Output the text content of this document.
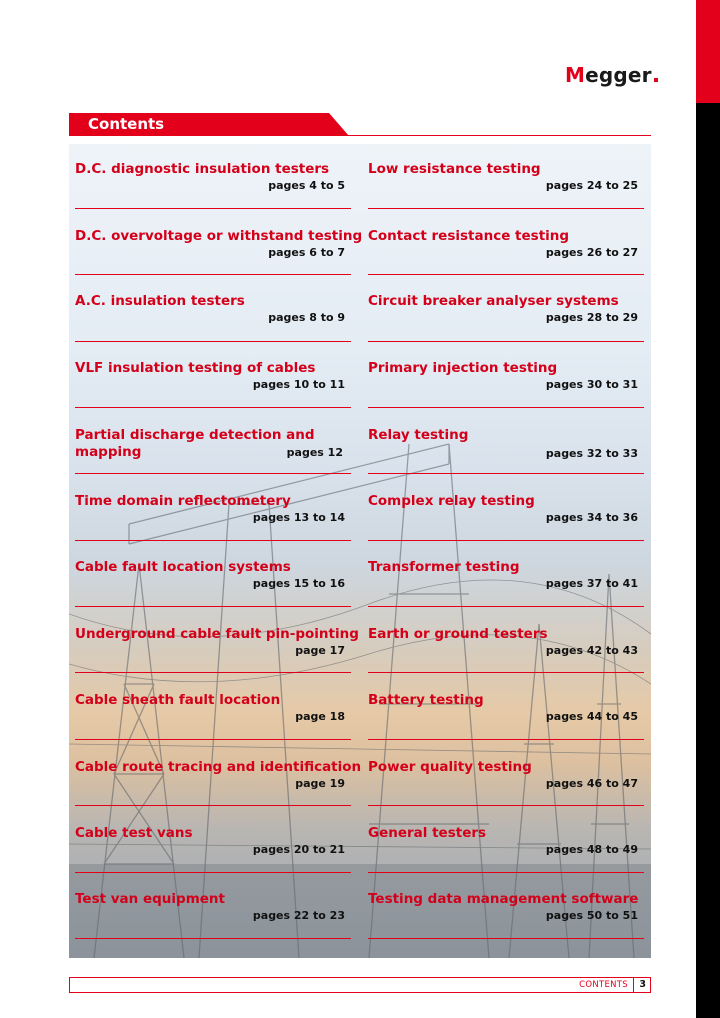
Megger
Contents
D.C. diagnostic insulation testers
pages 4 to 5
D.C. overvoltage or withstand testing
pages 6 to 7
A.C. insulation testers
pages 8 to 9
VLF insulation testing of cables
pages 10 to 11
Partial discharge detection and
mapping	pages 12
Time domain reflectometery
pages 13 to 14
Cable fault location systems
pages 15 to 16
Underground cable fault pin-pointing
page 17
Cable sheath fault location
page 18
Cable route tracing and identification
page 19
Cable test vans
pages 20 to 21
Test van equipment
pages 22 to 23
Low resistance testing
pages 24 to 25
Contact resistance testing
pages 26 to 27
Circuit breaker analyser systems
pages 28 to 29
Primary injection testing
pages 30 to 31
Relay testing
pages 32 to 33
Complex relay testing
pages 34 to 36
Transformer testing
pages 37 to 41
Earth or ground testers
pages 42 to 43
Battery testing
pages 44 to 45
Power quality testing
pages 46 to 47
General testers
pages 48 to 49
Testing data management software
pages 50 to 51
CONTENTS 3
